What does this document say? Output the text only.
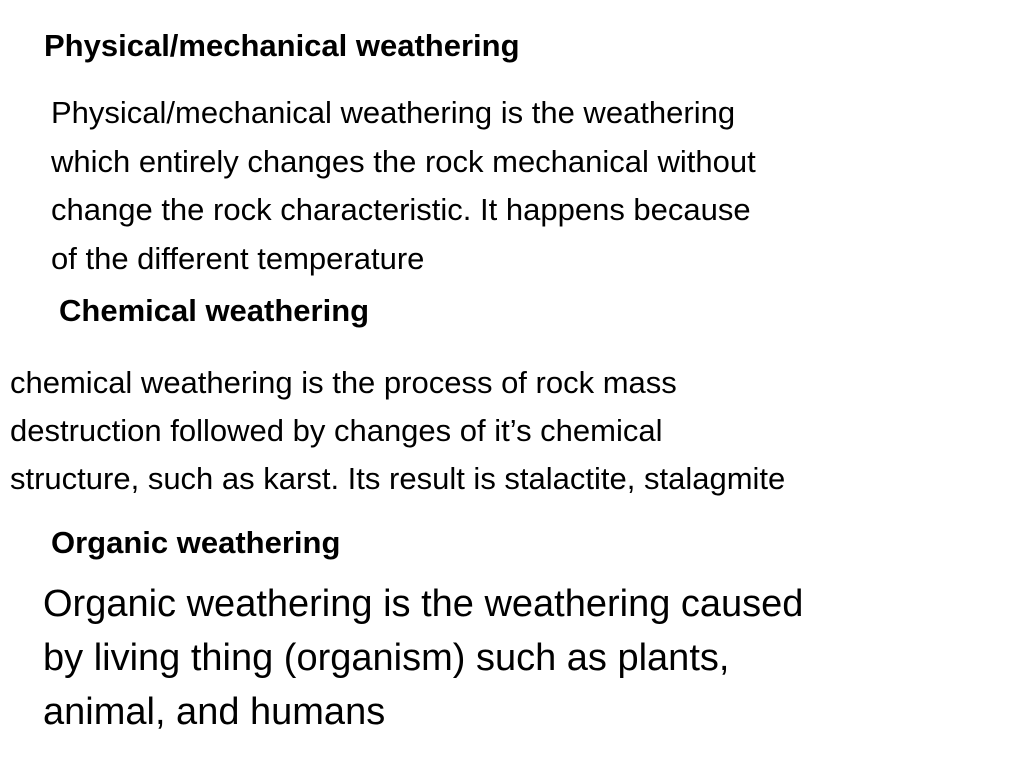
Physical/mechanical weathering
Physical/mechanical weathering is the weathering
which entirely changes the rock mechanical without
change the rock characteristic. It happens because
of the different temperature
Chemical weathering
chemical weathering is the process of rock mass
destruction followed by changes of it’s chemical
structure, such as karst. Its result is stalactite, stalagmite
Organic weathering
Organic weathering is the weathering caused
by living thing (organism) such as plants,
animal, and humans
